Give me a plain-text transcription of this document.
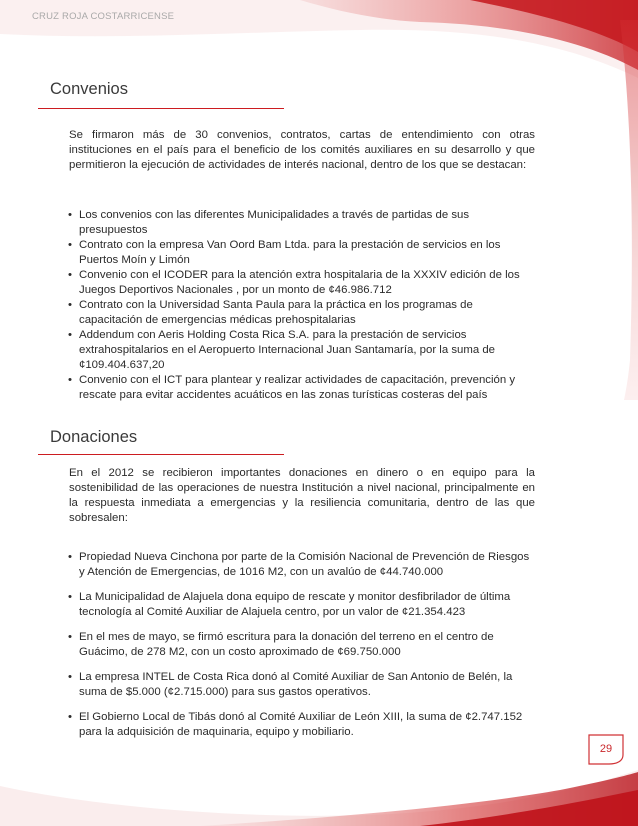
CRUZ ROJA COSTARRICENSE
Convenios

Se firmaron más de 30 convenios, contratos, cartas de entendimiento con otras instituciones en el país para el beneficio de los comités auxiliares en su desarrollo y que permitieron la ejecución de actividades de interés nacional, dentro de los que se destacan:

• Los convenios con las diferentes Municipalidades a través de partidas de sus presupuestos
• Contrato con la empresa Van Oord Bam Ltda. para la prestación de servicios en los Puertos Moín y Limón
• Convenio con el ICODER para la atención extra hospitalaria de la XXXIV edición de los Juegos Deportivos Nacionales , por un monto de ¢46.986.712
• Contrato con la Universidad Santa Paula para la práctica en los programas de capacitación de emergencias médicas prehospitalarias
• Addendum con Aeris Holding Costa Rica S.A. para la prestación de servicios extrahospitalarios en el Aeropuerto Internacional Juan Santamaría, por la suma de ¢109.404.637,20
• Convenio con el ICT para plantear y realizar actividades de capacitación, prevención y rescate para evitar accidentes acuáticos en las zonas turísticas costeras del país
Donaciones

En el 2012 se recibieron importantes donaciones en dinero o en equipo para la sostenibilidad de las operaciones de nuestra Institución a nivel nacional, principalmente en la respuesta inmediata a emergencias y la resiliencia comunitaria, dentro de las que sobresalen:

• Propiedad Nueva Cinchona por parte de la Comisión Nacional de Prevención de Riesgos y Atención de Emergencias, de 1016 M2, con un avalúo de ¢44.740.000
• La Municipalidad de Alajuela dona equipo de rescate y monitor desfibrilador de última tecnología al Comité Auxiliar de Alajuela centro, por un valor de ¢21.354.423
• En el mes de mayo, se firmó escritura para la donación del terreno en el centro de Guácimo, de 278 M2, con un costo aproximado de ¢69.750.000
• La empresa INTEL de Costa Rica donó al Comité Auxiliar de San Antonio de Belén, la suma de $5.000 (¢2.715.000) para sus gastos operativos.
• El Gobierno Local de Tibás donó al Comité Auxiliar de León XIII, la suma de ¢2.747.152 para la adquisición de maquinaria, equipo y mobiliario.
29
